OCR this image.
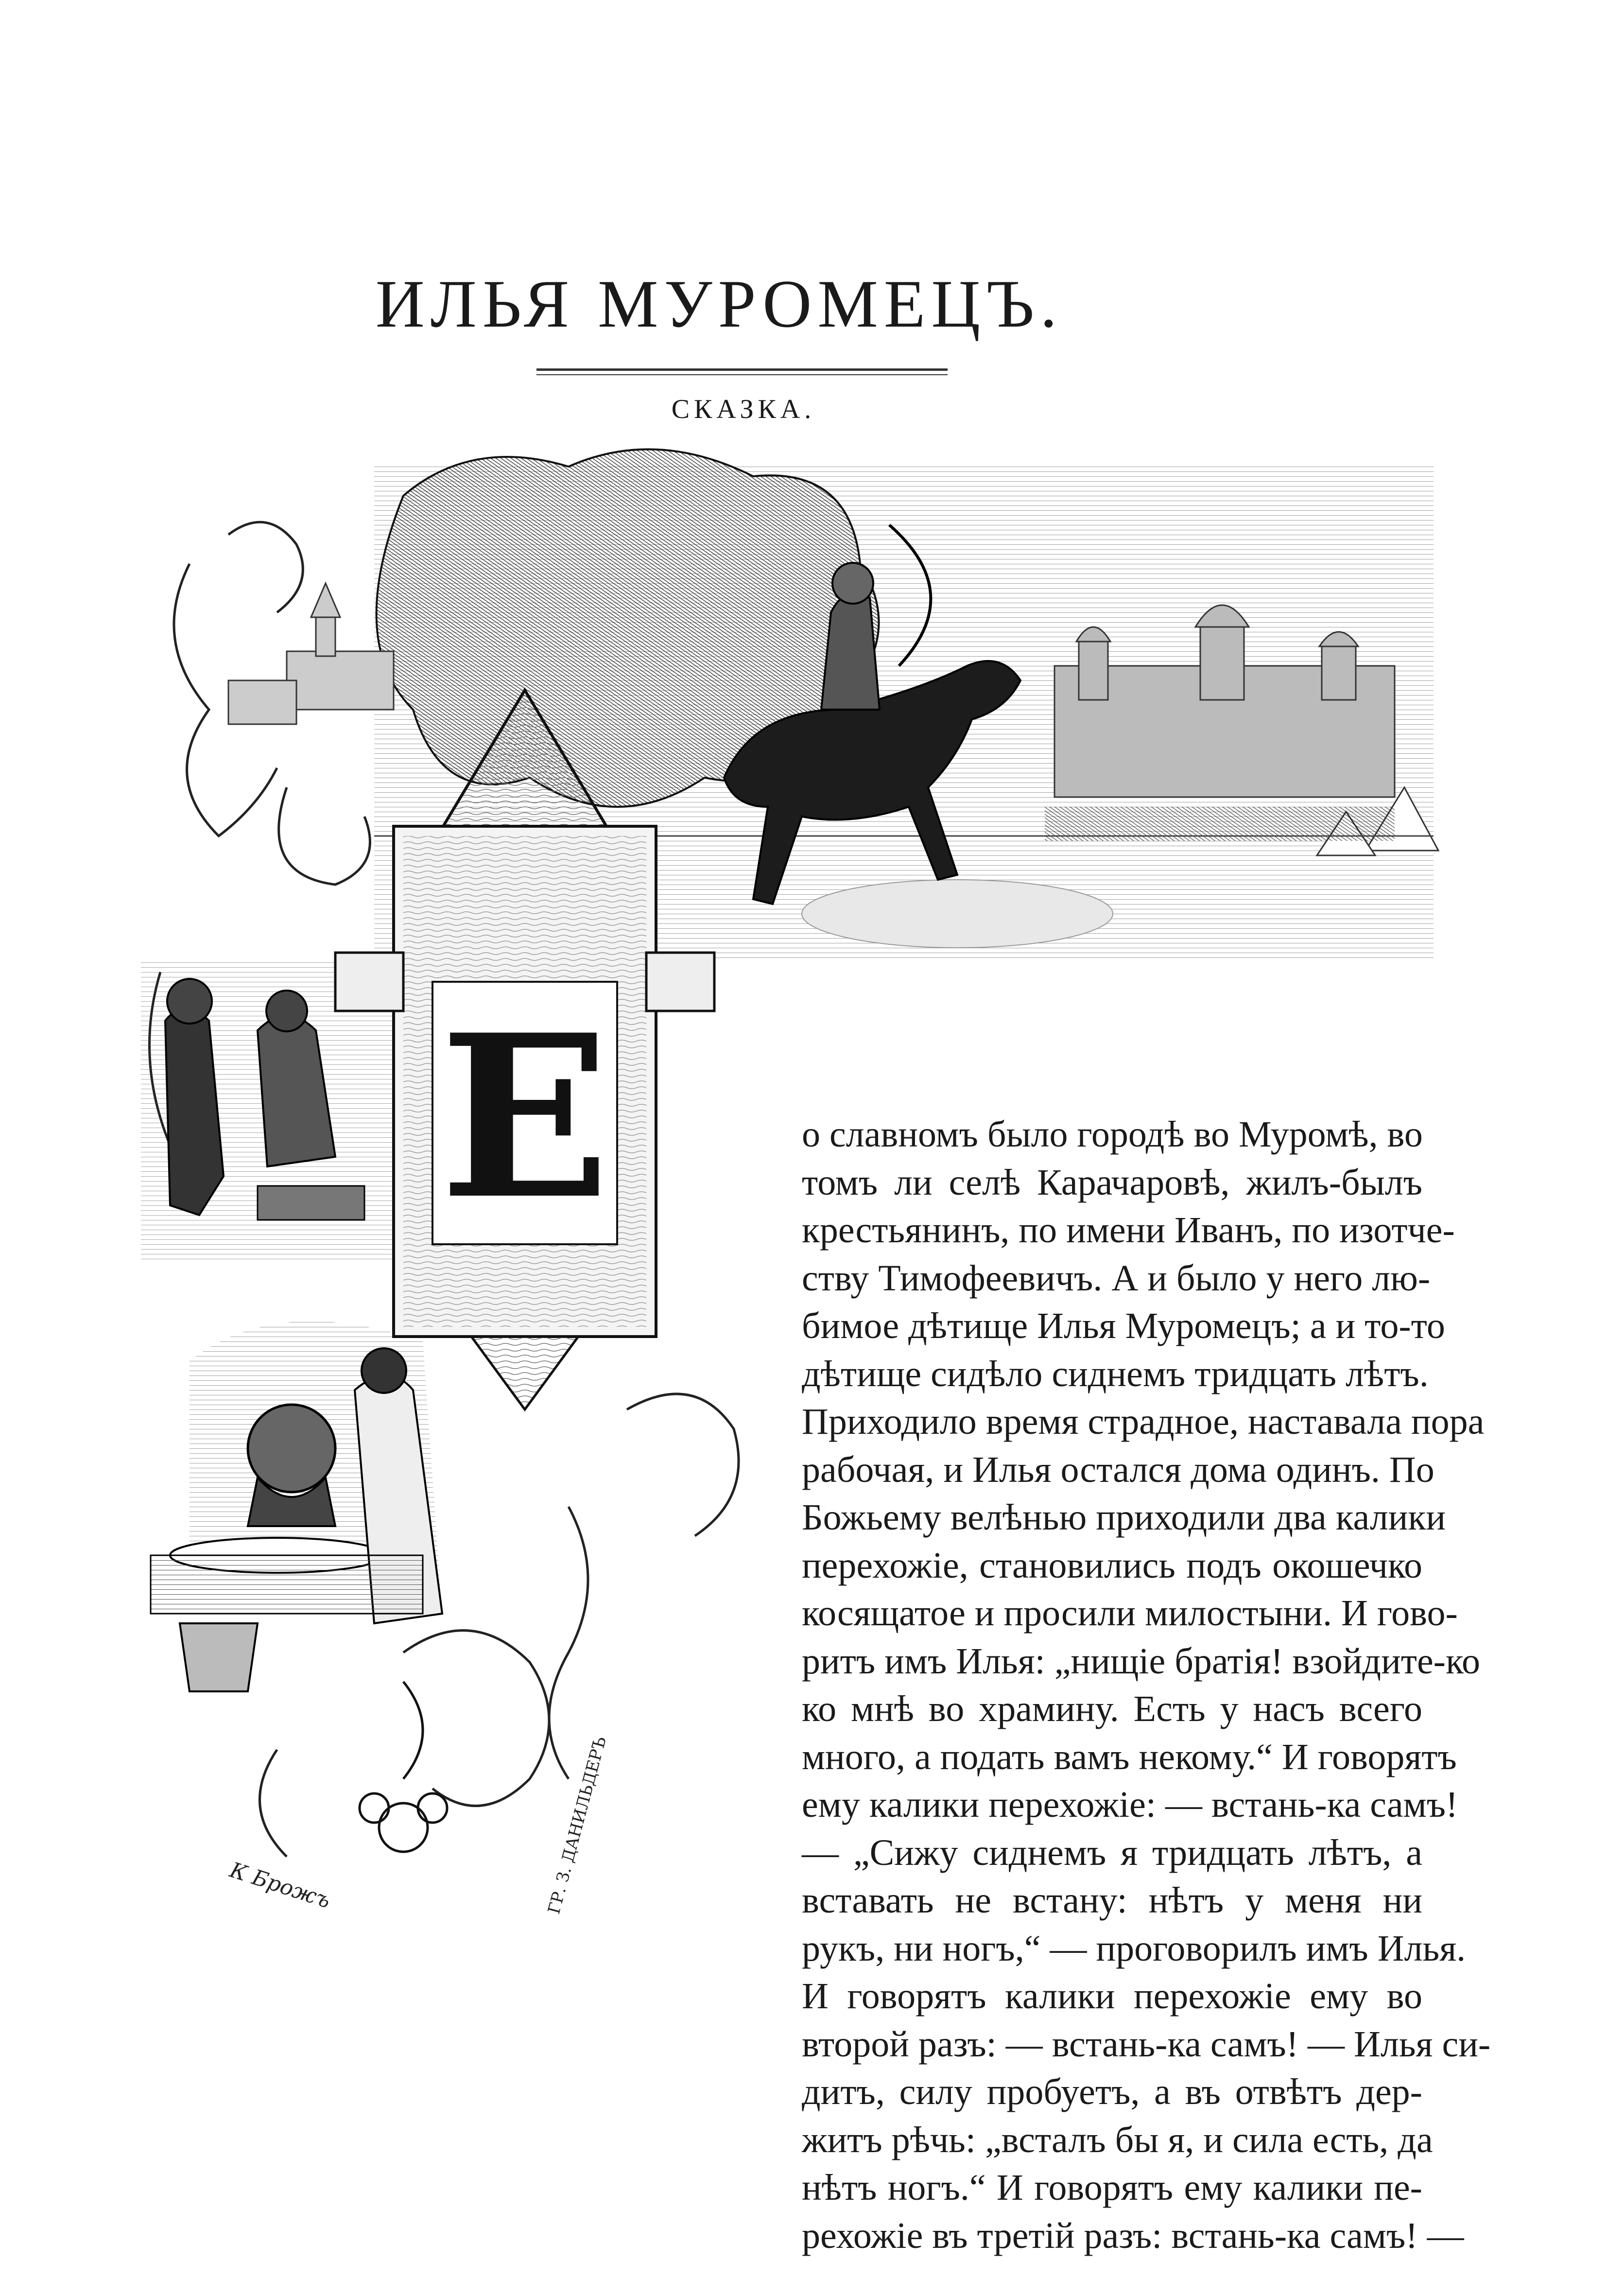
ИЛЬЯ МУРОМЕЦЪ.
СКАЗКА.
Е
К Брожъ	ГР. З. ДАНИЛЬДЕРЪ
о славномъ было городѣ во Муромѣ, во
томъ ли селѣ Карачаровѣ, жилъ-былъ
крестьянинъ, по имени Иванъ, по изотче-
ству Тимофеевичъ. А и было у него лю-
бимое дѣтище Илья Муромецъ; а и то-то
дѣтище сидѣло сиднемъ тридцать лѣтъ.
Приходило время страдное, наставала пора
рабочая, и Илья остался дома одинъ. По
Божьему велѣнью приходили два калики
перехожіе, становились подъ окошечко
косящатое и просили милостыни. И гово-
ритъ имъ Илья: „нищіе братія! взойдите-ко
ко мнѣ во храмину. Есть у насъ всего
много, а подать вамъ некому.“ И говорятъ
ему калики перехожіе: — встань-ка самъ!
— „Сижу сиднемъ я тридцать лѣтъ, а
вставать не встану: нѣтъ у меня ни
рукъ, ни ногъ,“ — проговорилъ имъ Илья.
И говорятъ калики перехожіе ему во
второй разъ: — встань-ка самъ! — Илья си-
дитъ, силу пробуетъ, а въ отвѣтъ дер-
житъ рѣчь: „всталъ бы я, и сила есть, да
нѣтъ ногъ.“ И говорятъ ему калики пе-
рехожіе въ третій разъ: встань-ка самъ! —
